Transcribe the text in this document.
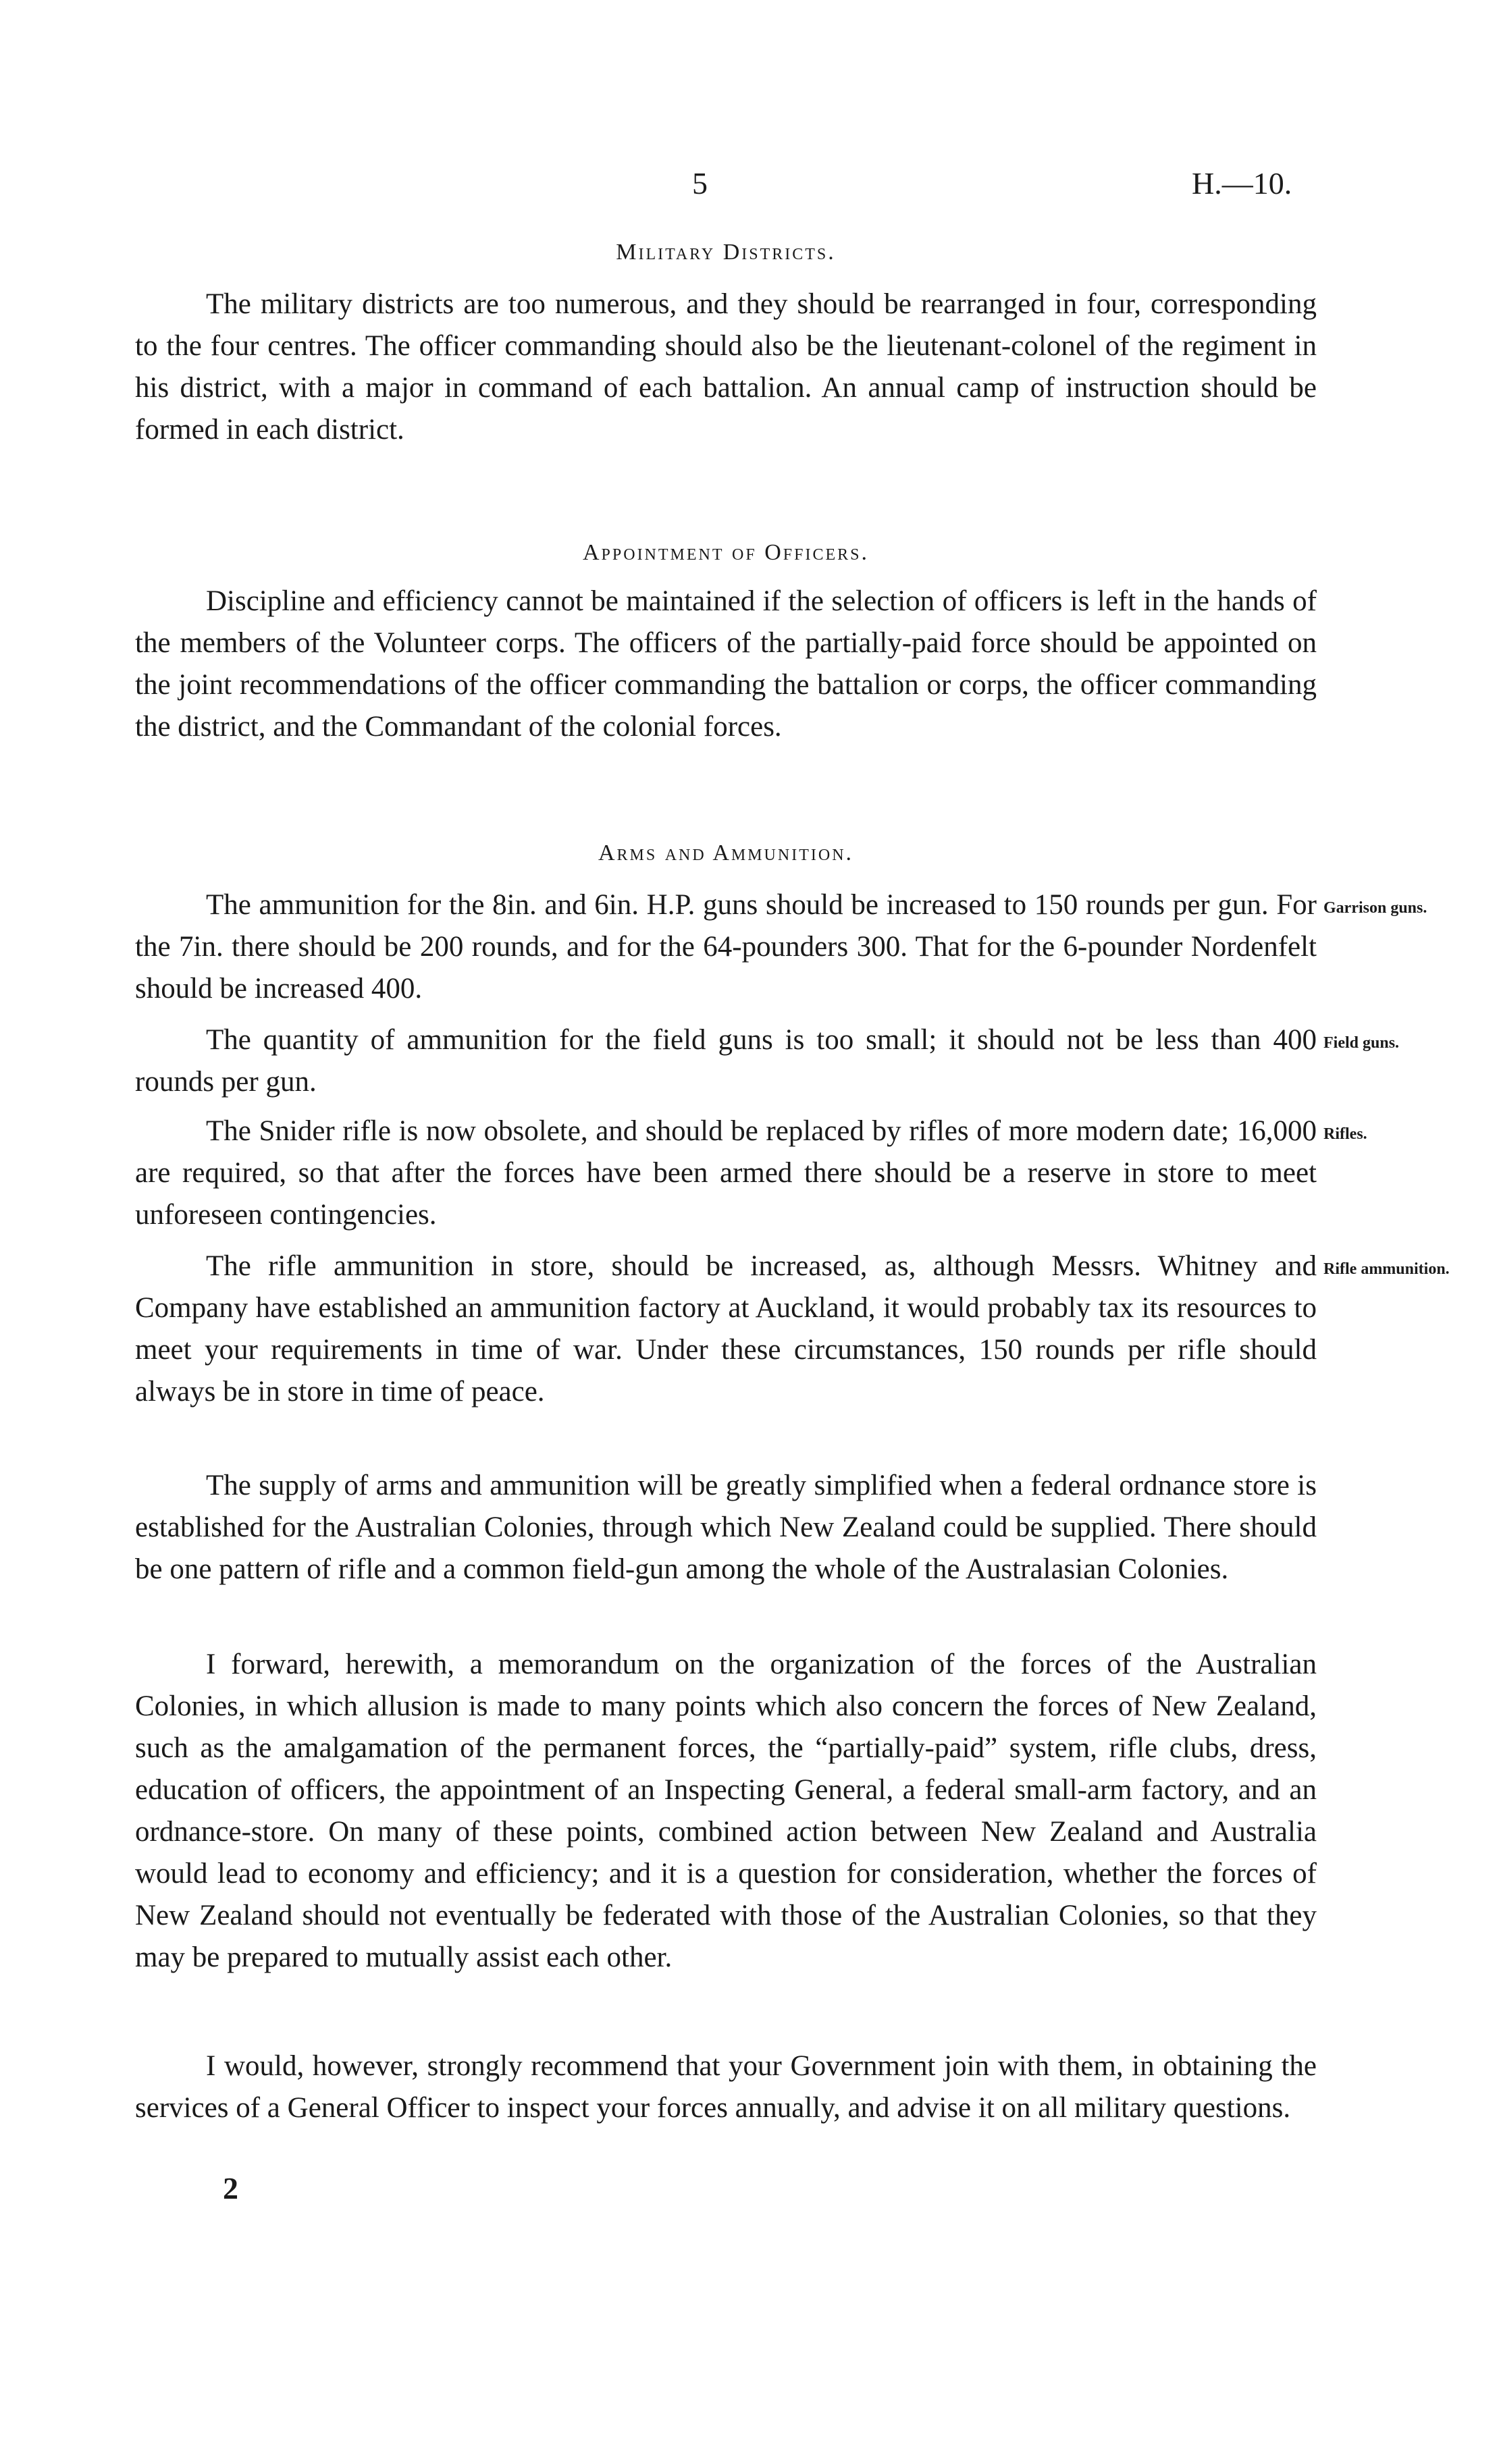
5	H.—10.
Military Districts.

The military districts are too numerous, and they should be rearranged in four, corresponding to the four centres. The officer commanding should also be the lieutenant-colonel of the regiment in his district, with a major in command of each battalion. An annual camp of instruction should be formed in each district.

Appointment of Officers.

Discipline and efficiency cannot be maintained if the selection of officers is left in the hands of the members of the Volunteer corps. The officers of the partially-paid force should be appointed on the joint recommendations of the officer commanding the battalion or corps, the officer commanding the district, and the Commandant of the colonial forces.

Arms and Ammunition.

The ammunition for the 8in. and 6in. H.P. guns should be increased to 150 rounds per gun. For the 7in. there should be 200 rounds, and for the 64-pounders 300. That for the 6-pounder Nordenfelt should be increased 400.

Garrison guns.

The quantity of ammunition for the field guns is too small; it should not be less than 400 rounds per gun.

Field guns.

The Snider rifle is now obsolete, and should be replaced by rifles of more modern date; 16,000 are required, so that after the forces have been armed there should be a reserve in store to meet unforeseen contingencies.

Rifles.

The rifle ammunition in store, should be increased, as, although Messrs. Whitney and Company have established an ammunition factory at Auckland, it would probably tax its resources to meet your requirements in time of war. Under these circumstances, 150 rounds per rifle should always be in store in time of peace.

Rifle ammunition.

The supply of arms and ammunition will be greatly simplified when a federal ordnance store is established for the Australian Colonies, through which New Zealand could be supplied. There should be one pattern of rifle and a common field-gun among the whole of the Australasian Colonies.

I forward, herewith, a memorandum on the organization of the forces of the Australian Colonies, in which allusion is made to many points which also concern the forces of New Zealand, such as the amalgamation of the permanent forces, the “partially-paid” system, rifle clubs, dress, education of officers, the appointment of an Inspecting General, a federal small-arm factory, and an ordnance-store. On many of these points, combined action between New Zealand and Australia would lead to economy and efficiency; and it is a question for consideration, whether the forces of New Zealand should not eventually be federated with those of the Australian Colonies, so that they may be prepared to mutually assist each other.

I would, however, strongly recommend that your Government join with them, in obtaining the services of a General Officer to inspect your forces annually, and advise it on all military questions.

2
